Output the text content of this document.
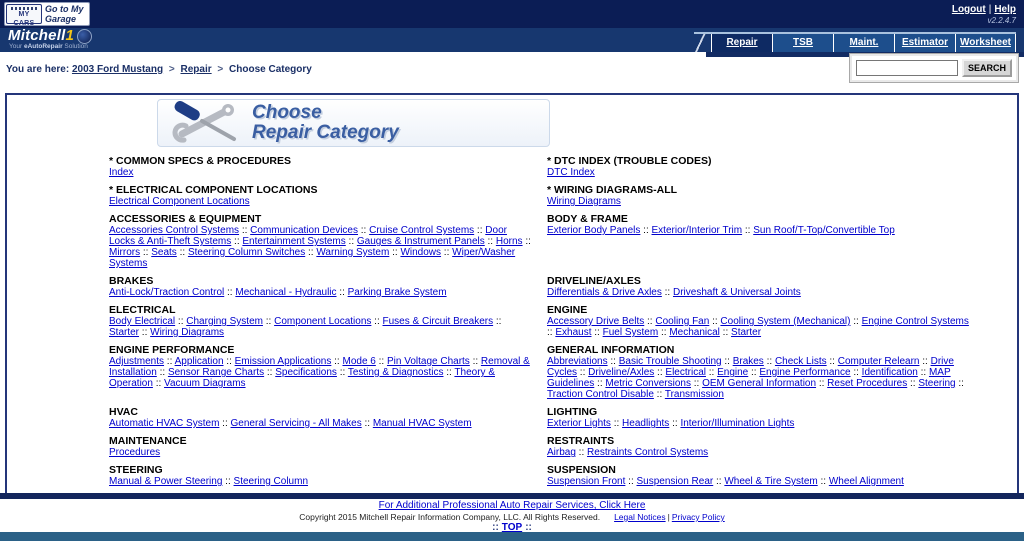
MY CARS
Go to My Garage
Logout | Help
v2.2.4.7
Mitchell1
Your eAutoRepair Solution	Repair	TSB	Maint.	Estimator	Worksheet
You are here: 2003 Ford Mustang > Repair > Choose Category	SEARCH
Choose
Repair Category
* COMMON SPECS & PROCEDURES
Index

* DTC INDEX (TROUBLE CODES)
DTC Index

* ELECTRICAL COMPONENT LOCATIONS
Electrical Component Locations

* WIRING DIAGRAMS-ALL
Wiring Diagrams

ACCESSORIES & EQUIPMENT
Accessories Control Systems :: Communication Devices :: Cruise Control Systems :: Door Locks & Anti-Theft Systems :: Entertainment Systems :: Gauges & Instrument Panels :: Horns :: Mirrors :: Seats :: Steering Column Switches :: Warning System :: Windows :: Wiper/Washer Systems

BODY & FRAME
Exterior Body Panels :: Exterior/Interior Trim :: Sun Roof/T-Top/Convertible Top

BRAKES
Anti-Lock/Traction Control :: Mechanical - Hydraulic :: Parking Brake System

DRIVELINE/AXLES
Differentials & Drive Axles :: Driveshaft & Universal Joints

ELECTRICAL
Body Electrical :: Charging System :: Component Locations :: Fuses & Circuit Breakers :: Starter :: Wiring Diagrams

ENGINE
Accessory Drive Belts :: Cooling Fan :: Cooling System (Mechanical) :: Engine Control Systems :: Exhaust :: Fuel System :: Mechanical :: Starter

ENGINE PERFORMANCE
Adjustments :: Application :: Emission Applications :: Mode 6 :: Pin Voltage Charts :: Removal & Installation :: Sensor Range Charts :: Specifications :: Testing & Diagnostics :: Theory & Operation :: Vacuum Diagrams

GENERAL INFORMATION
Abbreviations :: Basic Trouble Shooting :: Brakes :: Check Lists :: Computer Relearn :: Drive Cycles :: Driveline/Axles :: Electrical :: Engine :: Engine Performance :: Identification :: MAP Guidelines :: Metric Conversions :: OEM General Information :: Reset Procedures :: Steering :: Traction Control Disable :: Transmission

HVAC
Automatic HVAC System :: General Servicing - All Makes :: Manual HVAC System

LIGHTING
Exterior Lights :: Headlights :: Interior/Illumination Lights

MAINTENANCE
Procedures

RESTRAINTS
Airbag :: Restraints Control Systems

STEERING
Manual & Power Steering :: Steering Column

SUSPENSION
Suspension Front :: Suspension Rear :: Wheel & Tire System :: Wheel Alignment

For Additional Professional Auto Repair Services, Click Here
Copyright 2015 Mitchell Repair Information Company, LLC. All Rights Reserved. Legal Notices | Privacy Policy
:: TOP ::
